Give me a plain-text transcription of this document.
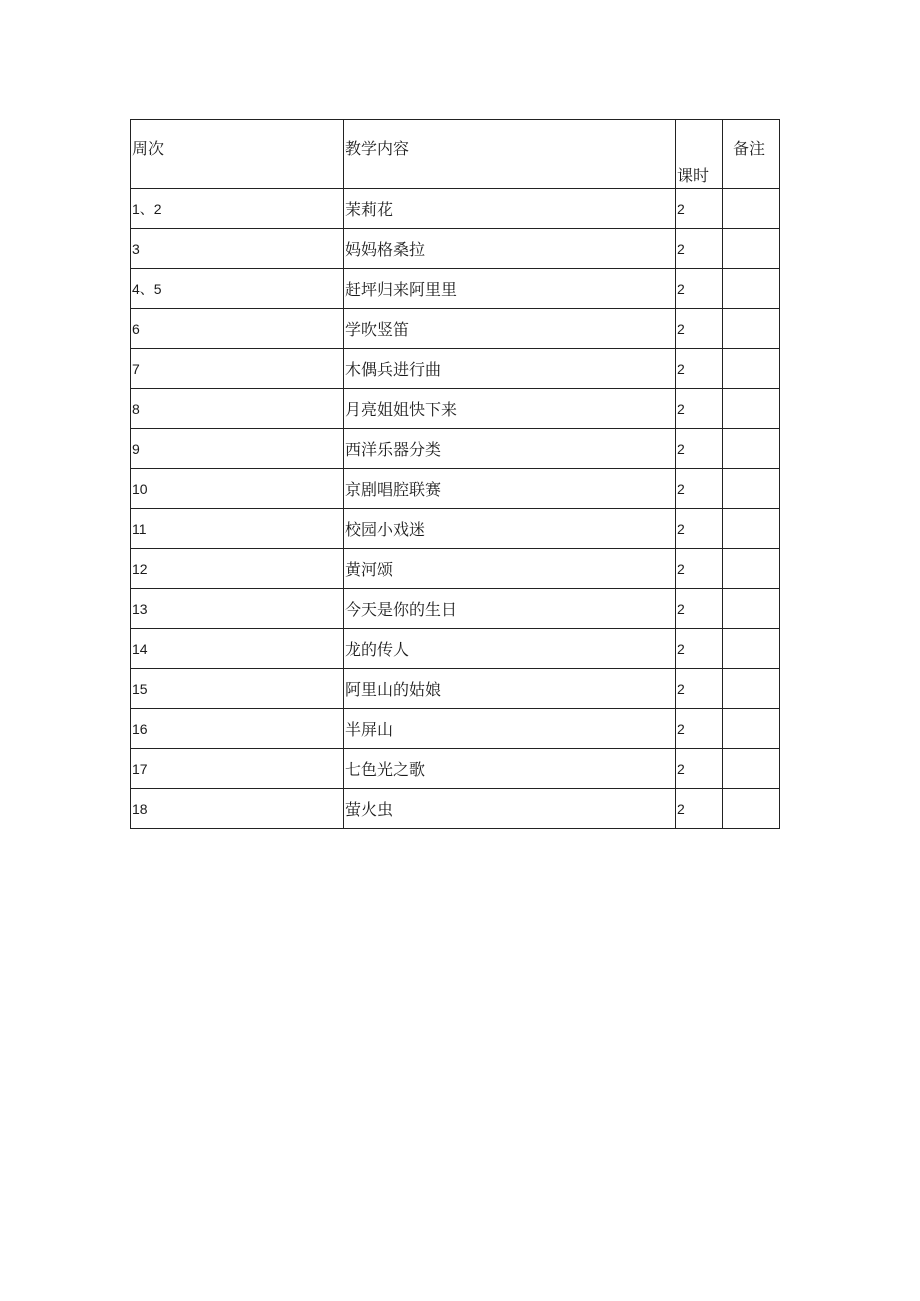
周次	教学内容	课时	备注
1、2	茉莉花	2	
3	妈妈格桑拉	2	
4、5	赶坪归来阿里里	2	
6	学吹竖笛	2	
7	木偶兵进行曲	2	
8	月亮姐姐快下来	2	
9	西洋乐器分类	2	
10	京剧唱腔联赛	2	
11	校园小戏迷	2	
12	黄河颂	2	
13	今天是你的生日	2	
14	龙的传人	2	
15	阿里山的姑娘	2	
16	半屏山	2	
17	七色光之歌	2	
18	萤火虫	2	
